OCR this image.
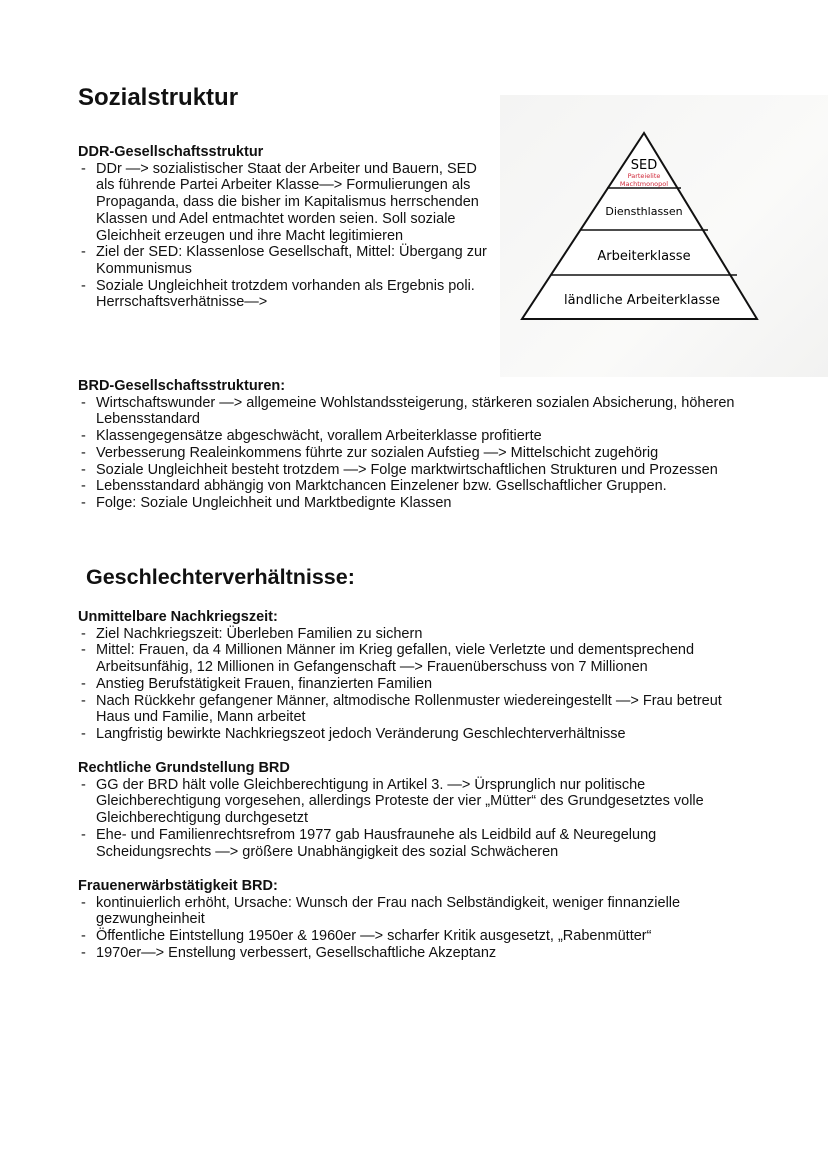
Sozialstruktur
SED
Parteielite
Machtmonopol
Diensthlassen
Arbeiterklasse
ländliche Arbeiterklasse
DDR-Gesellschaftsstruktur
- DDr —> sozialistischer Staat der Arbeiter und Bauern, SED als führende Partei Arbeiter Klasse—> Formulierungen als Propaganda, dass die bisher im Kapitalismus herrschenden Klassen und Adel entmachtet worden seien. Soll soziale Gleichheit erzeugen und ihre Macht legitimieren
- Ziel der SED: Klassenlose Gesellschaft, Mittel: Übergang zur Kommunismus
- Soziale Ungleichheit trotzdem vorhanden als Ergebnis poli. Herrschaftsverhätnisse—>
BRD-Gesellschaftsstrukturen:
- Wirtschaftswunder —> allgemeine Wohlstandssteigerung, stärkeren sozialen Absicherung, höheren Lebensstandard
- Klassengegensätze abgeschwächt, vorallem Arbeiterklasse profitierte
- Verbesserung Realeinkommens führte zur sozialen Aufstieg —> Mittelschicht zugehörig
- Soziale Ungleichheit besteht trotzdem —> Folge marktwirtschaftlichen Strukturen und Prozessen
- Lebensstandard abhängig von Marktchancen Einzelener bzw. Gsellschaftlicher Gruppen.
- Folge: Soziale Ungleichheit und Marktbedignte Klassen
Geschlechterverhältnisse:
Unmittelbare Nachkriegszeit:
- Ziel Nachkriegszeit: Überleben Familien zu sichern
- Mittel: Frauen, da 4 Millionen Männer im Krieg gefallen, viele Verletzte und dementsprechend Arbeitsunfähig, 12 Millionen in Gefangenschaft —> Frauenüberschuss von 7 Millionen
- Anstieg Berufstätigkeit Frauen, finanzierten Familien
- Nach Rückkehr gefangener Männer, altmodische Rollenmuster wiedereingestellt —> Frau betreut Haus und Familie, Mann arbeitet
- Langfristig bewirkte Nachkriegszeot jedoch Veränderung Geschlechterverhältnisse
Rechtliche Grundstellung BRD
- GG der BRD hält volle Gleichberechtigung in Artikel 3. —> Ürsprunglich nur politische Gleichberechtigung vorgesehen, allerdings Proteste der vier „Mütter“ des Grundgesetztes volle Gleichberechtigung durchgesetzt
- Ehe- und Familienrechtsrefrom 1977 gab Hausfraunehe als Leidbild auf & Neuregelung Scheidungsrechts —> größere Unabhängigkeit des sozial Schwächeren
Frauenerwärbstätigkeit BRD:
- kontinuierlich erhöht, Ursache: Wunsch der Frau nach Selbständigkeit, weniger finnanzielle gezwungheinheit
- Öffentliche Eintstellung 1950er & 1960er —> scharfer Kritik ausgesetzt, „Rabenmütter“
- 1970er—> Enstellung verbessert, Gesellschaftliche Akzeptanz
